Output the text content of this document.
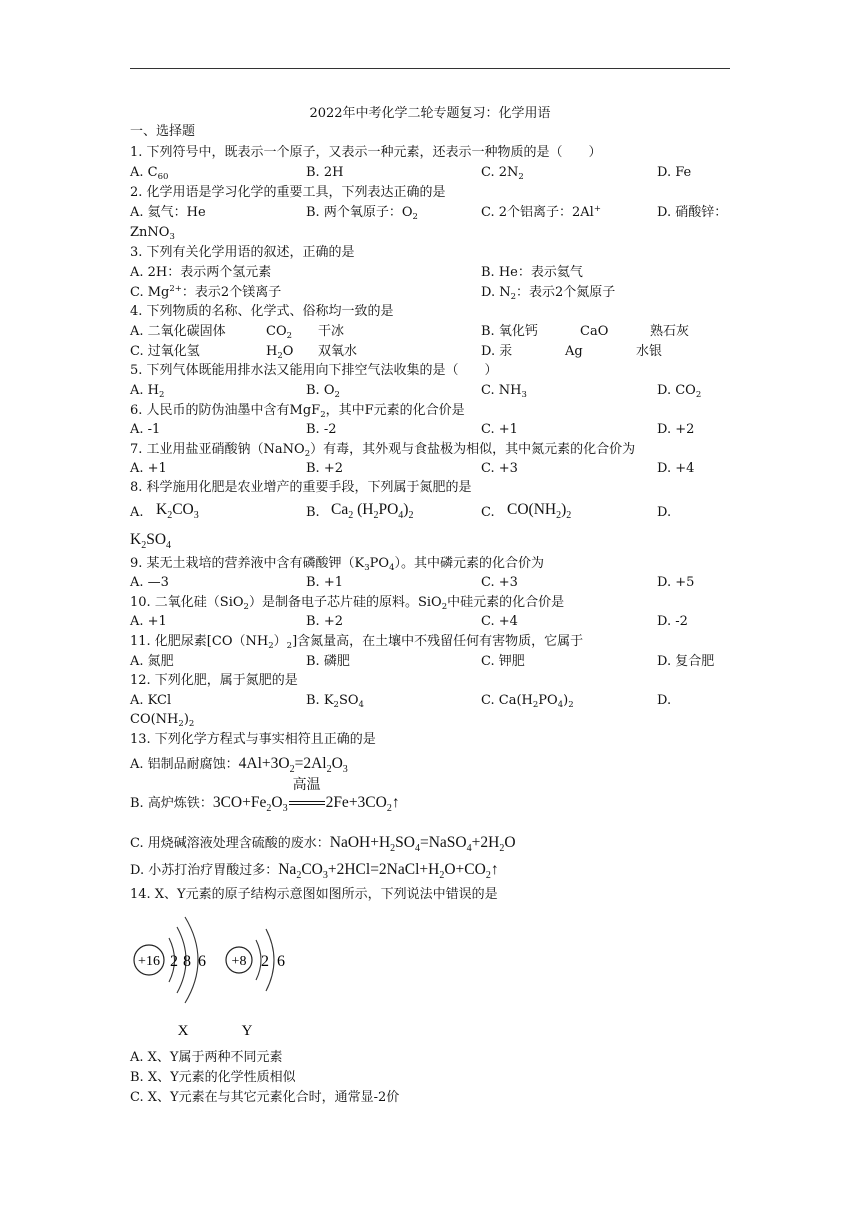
2022年中考化学二轮专题复习：化学用语
一、选择题
1. 下列符号中，既表示一个原子，又表示一种元素，还表示一种物质的是（　　）
A. $C_{60}$	B. 2H	C. $2N_2$	D. Fe
2. 化学用语是学习化学的重要工具，下列表达正确的是
A. 氦气：He	B. 两个氧原子：$O_2$	C. 2个铝离子：2Al+	D. 硝酸锌：
ZnNO$_3$
3. 下列有关化学用语的叙述，正确的是
A. 2H：表示两个氢元素	B. He：表示氦气
C. $Mg^{2+}$：表示2个镁离子	D. $N_2$：表示2个氮原子
4. 下列物质的名称、化学式、俗称均一致的是
A. 二氧化碳固体	$CO_2$ 干冰	B. 氧化钙	CaO	熟石灰
C. 过氧化氢	$H_2O$ 双氧水	D. 汞	Ag	水银
5. 下列气体既能用排水法又能用向下排空气法收集的是（　　）
A. $H_2$	B. $O_2$	C. $NH_3$	D. $CO_2$
6. 人民币的防伪油墨中含有MgF$_2$，其中F元素的化合价是
A. -1	B. -2	C. +1	D. +2
7. 工业用盐亚硝酸钠（NaNO$_2$）有毒，其外观与食盐极为相似，其中氮元素的化合价为
A. +1	B. +2	C. +3	D. +4
8. 科学施用化肥是农业增产的重要手段，下列属于氮肥的是
A. $K_2CO_3$	B. $Ca_2$ $(H_2PO_4)_2$	C. $CO(NH_2)_2$	D.
$K_2SO_4$
9. 某无土栽培的营养液中含有磷酸钾$(K_3PO_4)$。其中磷元素的化合价为
A. —3	B. +1	C. +3	D. +5
10. 二氧化硅（SiO$_2$）是制备电子芯片硅的原料。SiO$_2$中硅元素的化合价是
A. +1	B. +2	C. +4	D. -2
11. 化肥尿素$[CO(NH_2)_2]$含氮量高，在土壤中不残留任何有害物质，它属于
A. 氮肥	B. 磷肥	C. 钾肥	D. 复合肥
12. 下列化肥，属于氮肥的是
A. KCl	B. $K_2SO_4$	C. $Ca(H_2PO_4)_2$	D.
$CO(NH_2)_2$
13. 下列化学方程式与事实相符且正确的是
A. 铝制品耐腐蚀：$4Al+3O_2=2Al_2O_3$
B. 高炉炼铁：$3CO+Fe_2O_3$
高温
$2Fe+3CO_2↑$
C. 用烧碱溶液处理含硫酸的废水：$NaOH+H_2SO_4=NaSO_4+2H_2O$
D. 小苏打治疗胃酸过多：$Na_2CO_3+2HCl=2NaCl+H_2O+CO_2↑$
14. X、Y元素的原子结构示意图如图所示，下列说法中错误的是
+16 2 8 6 +8 2 6
X	Y
A. X、Y属于两种不同元素
B. X、Y元素的化学性质相似
C. X、Y元素在与其它元素化合时，通常显-2价
